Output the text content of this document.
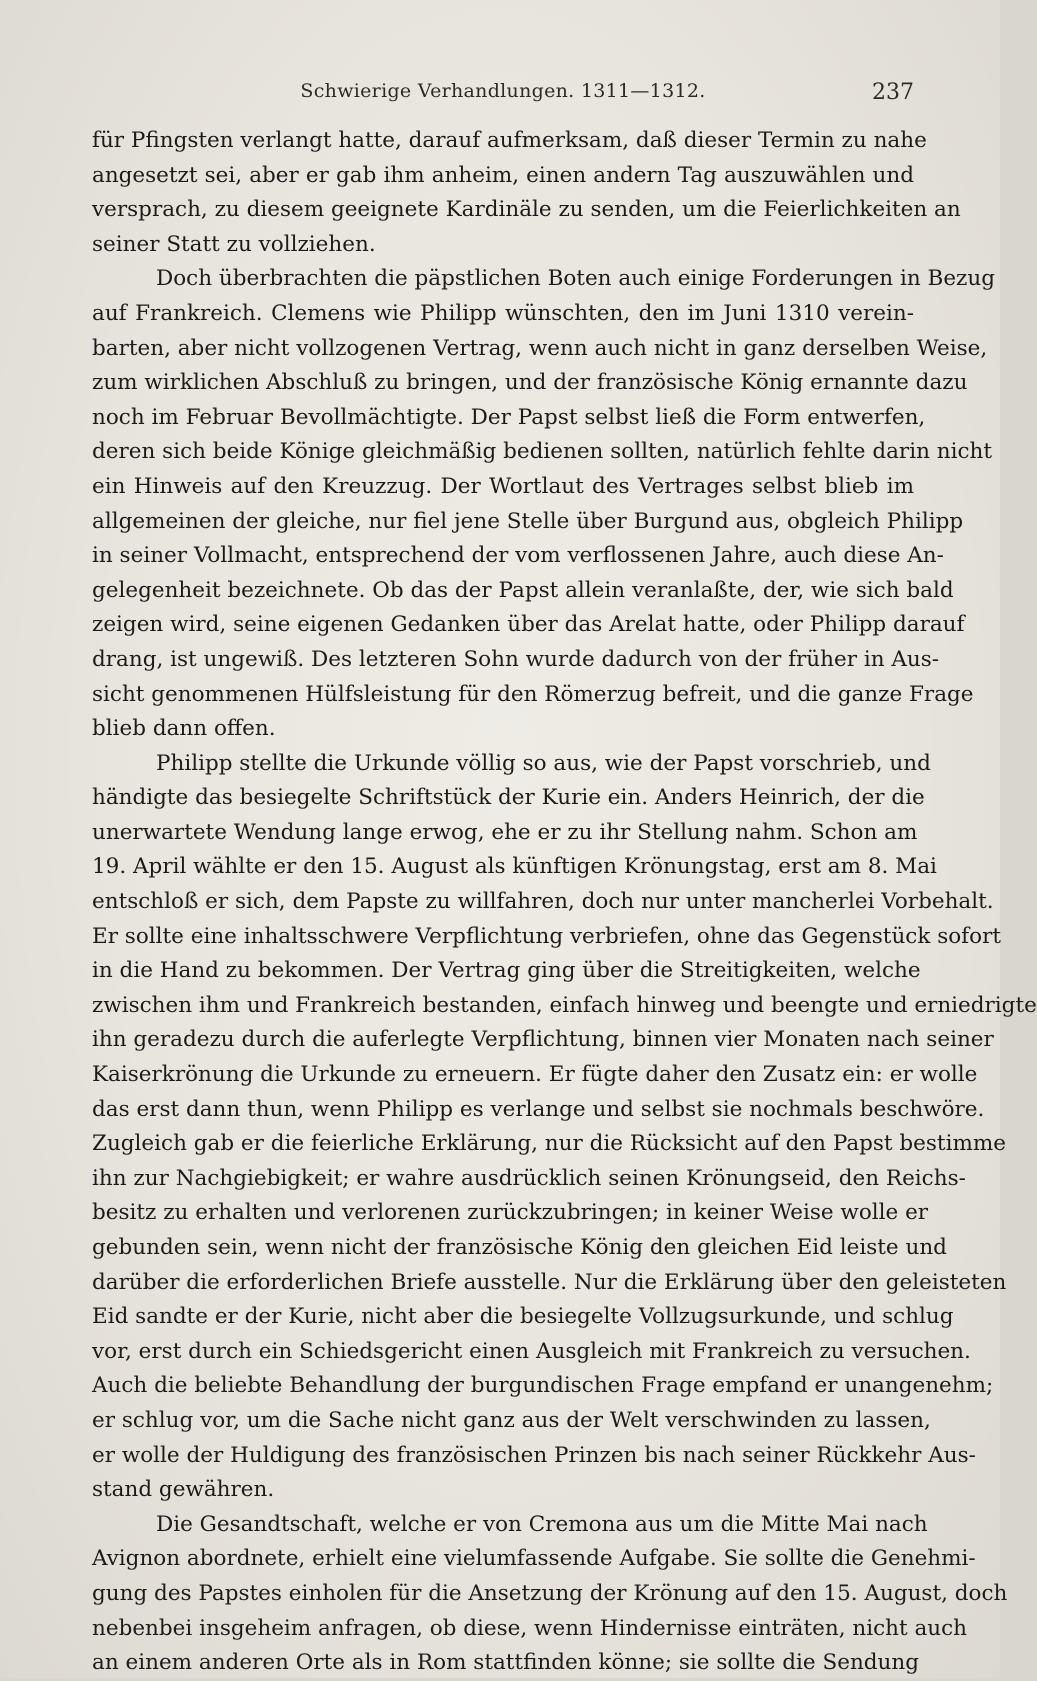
Schwierige Verhandlungen. 1311—1312.	237
für Pfingsten verlangt hatte, darauf aufmerksam, daß dieser Termin zu nahe
angesetzt sei, aber er gab ihm anheim, einen andern Tag auszuwählen und
versprach, zu diesem geeignete Kardinäle zu senden, um die Feierlichkeiten an
seiner Statt zu vollziehen.
Doch überbrachten die päpstlichen Boten auch einige Forderungen in Bezug
auf Frankreich. Clemens wie Philipp wünschten, den im Juni 1310 verein-
barten, aber nicht vollzogenen Vertrag, wenn auch nicht in ganz derselben Weise,
zum wirklichen Abschluß zu bringen, und der französische König ernannte dazu
noch im Februar Bevollmächtigte. Der Papst selbst ließ die Form entwerfen,
deren sich beide Könige gleichmäßig bedienen sollten, natürlich fehlte darin nicht
ein Hinweis auf den Kreuzzug. Der Wortlaut des Vertrages selbst blieb im
allgemeinen der gleiche, nur fiel jene Stelle über Burgund aus, obgleich Philipp
in seiner Vollmacht, entsprechend der vom verflossenen Jahre, auch diese An-
gelegenheit bezeichnete. Ob das der Papst allein veranlaßte, der, wie sich bald
zeigen wird, seine eigenen Gedanken über das Arelat hatte, oder Philipp darauf
drang, ist ungewiß. Des letzteren Sohn wurde dadurch von der früher in Aus-
sicht genommenen Hülfsleistung für den Römerzug befreit, und die ganze Frage
blieb dann offen.
Philipp stellte die Urkunde völlig so aus, wie der Papst vorschrieb, und
händigte das besiegelte Schriftstück der Kurie ein. Anders Heinrich, der die
unerwartete Wendung lange erwog, ehe er zu ihr Stellung nahm. Schon am
19. April wählte er den 15. August als künftigen Krönungstag, erst am 8. Mai
entschloß er sich, dem Papste zu willfahren, doch nur unter mancherlei Vorbehalt.
Er sollte eine inhaltsschwere Verpflichtung verbriefen, ohne das Gegenstück sofort
in die Hand zu bekommen. Der Vertrag ging über die Streitigkeiten, welche
zwischen ihm und Frankreich bestanden, einfach hinweg und beengte und erniedrigte
ihn geradezu durch die auferlegte Verpflichtung, binnen vier Monaten nach seiner
Kaiserkrönung die Urkunde zu erneuern. Er fügte daher den Zusatz ein: er wolle
das erst dann thun, wenn Philipp es verlange und selbst sie nochmals beschwöre.
Zugleich gab er die feierliche Erklärung, nur die Rücksicht auf den Papst bestimme
ihn zur Nachgiebigkeit; er wahre ausdrücklich seinen Krönungseid, den Reichs-
besitz zu erhalten und verlorenen zurückzubringen; in keiner Weise wolle er
gebunden sein, wenn nicht der französische König den gleichen Eid leiste und
darüber die erforderlichen Briefe ausstelle. Nur die Erklärung über den geleisteten
Eid sandte er der Kurie, nicht aber die besiegelte Vollzugsurkunde, und schlug
vor, erst durch ein Schiedsgericht einen Ausgleich mit Frankreich zu versuchen.
Auch die beliebte Behandlung der burgundischen Frage empfand er unangenehm;
er schlug vor, um die Sache nicht ganz aus der Welt verschwinden zu lassen,
er wolle der Huldigung des französischen Prinzen bis nach seiner Rückkehr Aus-
stand gewähren.
Die Gesandtschaft, welche er von Cremona aus um die Mitte Mai nach
Avignon abordnete, erhielt eine vielumfassende Aufgabe. Sie sollte die Genehmi-
gung des Papstes einholen für die Ansetzung der Krönung auf den 15. August, doch
nebenbei insgeheim anfragen, ob diese, wenn Hindernisse einträten, nicht auch
an einem anderen Orte als in Rom stattfinden könne; sie sollte die Sendung
